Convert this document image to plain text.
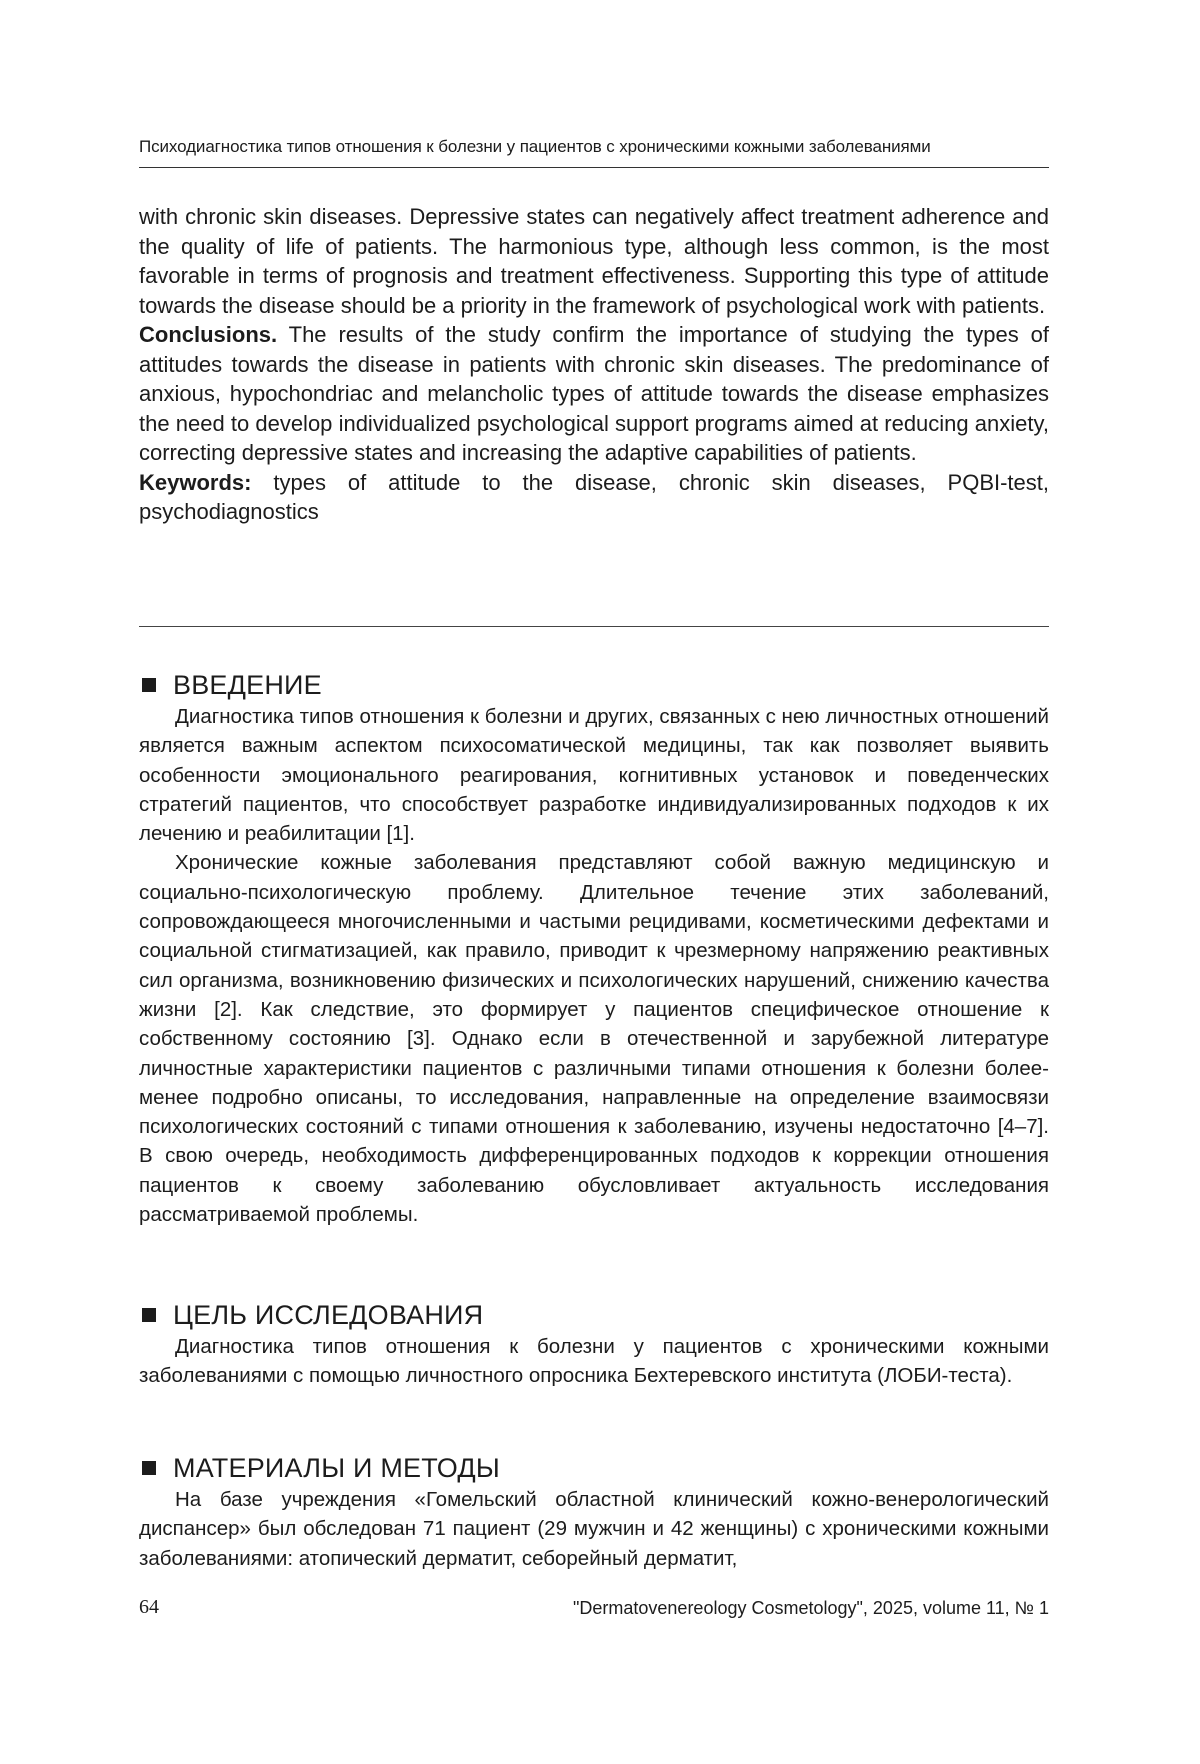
Психодиагностика типов отношения к болезни у пациентов с хроническими кожными заболеваниями

with chronic skin diseases. Depressive states can negatively affect treatment adherence and the quality of life of patients. The harmonious type, although less common, is the most favorable in terms of prognosis and treatment effectiveness. Supporting this type of attitude towards the disease should be a priority in the framework of psychological work with patients.

Conclusions. The results of the study confirm the importance of studying the types of attitudes towards the disease in patients with chronic skin diseases. The predominance of anxious, hypochondriac and melancholic types of attitude towards the disease emphasizes the need to develop individualized psychological support programs aimed at reducing anxiety, correcting depressive states and increasing the adaptive capabilities of patients.

Keywords: types of attitude to the disease, chronic skin diseases, PQBI-test, psychodiagnostics

ВВЕДЕНИЕ

Диагностика типов отношения к болезни и других, связанных с нею личностных отношений является важным аспектом психосоматической медицины, так как позволяет выявить особенности эмоционального реагирования, когнитивных установок и поведенческих стратегий пациентов, что способствует разработке индивидуализированных подходов к их лечению и реабилитации [1].

Хронические кожные заболевания представляют собой важную медицинскую и социально-психологическую проблему. Длительное течение этих заболеваний, сопровождающееся многочисленными и частыми рецидивами, косметическими дефектами и социальной стигматизацией, как правило, приводит к чрезмерному напряжению реактивных сил организма, возникновению физических и психологических нарушений, снижению качества жизни [2]. Как следствие, это формирует у пациентов специфическое отношение к собственному состоянию [3]. Однако если в отечественной и зарубежной литературе личностные характеристики пациентов с различными типами отношения к болезни более-менее подробно описаны, то исследования, направленные на определение взаимосвязи психологических состояний с типами отношения к заболеванию, изучены недостаточно [4–7]. В свою очередь, необходимость дифференцированных подходов к коррекции отношения пациентов к своему заболеванию обусловливает актуальность исследования рассматриваемой проблемы.

ЦЕЛЬ ИССЛЕДОВАНИЯ

Диагностика типов отношения к болезни у пациентов с хроническими кожными заболеваниями с помощью личностного опросника Бехтеревского института (ЛОБИ-теста).

МАТЕРИАЛЫ И МЕТОДЫ

На базе учреждения «Гомельский областной клинический кожно-венерологический диспансер» был обследован 71 пациент (29 мужчин и 42 женщины) с хроническими кожными заболеваниями: атопический дерматит, себорейный дерматит,

64	"Dermatovenereology Cosmetology", 2025, volume 11, № 1
